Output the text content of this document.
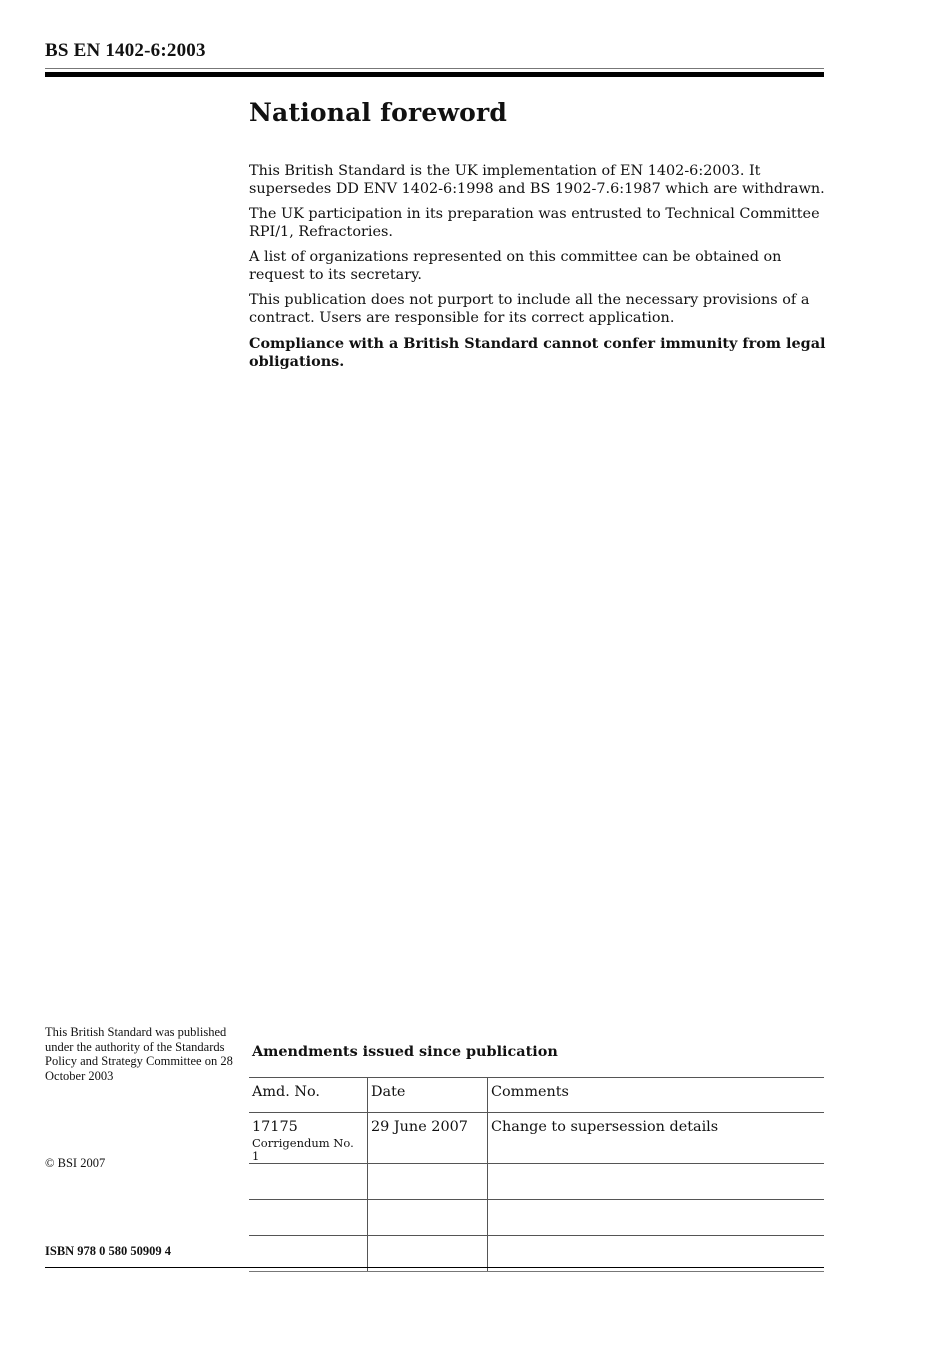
BS EN 1402-6:2003
National foreword

This British Standard is the UK implementation of EN 1402-6:2003. It supersedes DD ENV 1402-6:1998 and BS 1902-7.6:1987 which are withdrawn.

The UK participation in its preparation was entrusted to Technical Committee RPI/1, Refractories.

A list of organizations represented on this committee can be obtained on request to its secretary.

This publication does not purport to include all the necessary provisions of a contract. Users are responsible for its correct application.

Compliance with a British Standard cannot confer immunity from legal obligations.

This British Standard was published under the authority of the Standards Policy and Strategy Committee on 28 October 2003
© BSI 2007
ISBN 978 0 580 50909 4
Amendments issued since publication
Amd. No.	Date	Comments
17175
Corrigendum No. 1	29 June 2007	Change to supersession details
